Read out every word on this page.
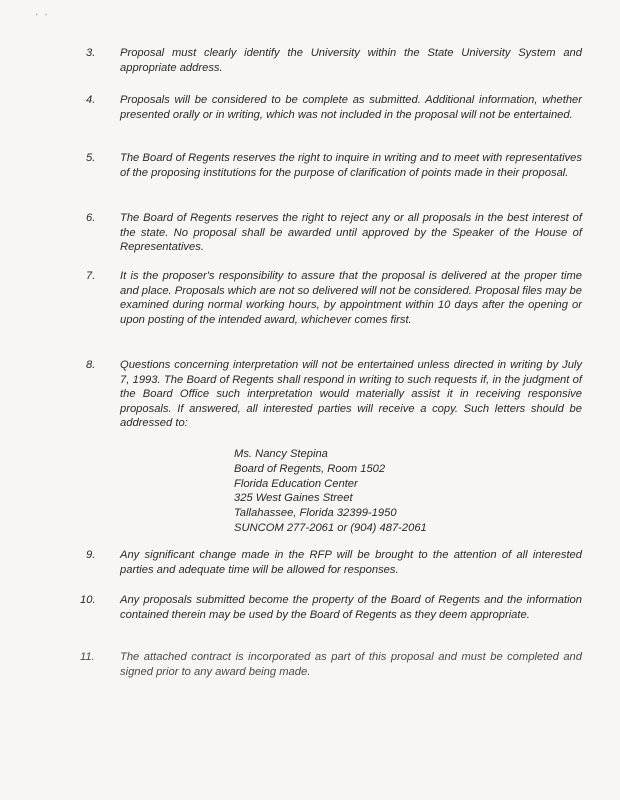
'   '
3.	Proposal must clearly identify the University within the State University System and appropriate address.
4.	Proposals will be considered to be complete as submitted. Additional information, whether presented orally or in writing, which was not included in the proposal will not be entertained.
5.	The Board of Regents reserves the right to inquire in writing and to meet with representatives of the proposing institutions for the purpose of clarification of points made in their proposal.
6.	The Board of Regents reserves the right to reject any or all proposals in the best interest of the state. No proposal shall be awarded until approved by the Speaker of the House of Representatives.
7.	It is the proposer's responsibility to assure that the proposal is delivered at the proper time and place. Proposals which are not so delivered will not be considered. Proposal files may be examined during normal working hours, by appointment within 10 days after the opening or upon posting of the intended award, whichever comes first.
8.	Questions concerning interpretation will not be entertained unless directed in writing by July 7, 1993. The Board of Regents shall respond in writing to such requests if, in the judgment of the Board Office such interpretation would materially assist it in receiving responsive proposals. If answered, all interested parties will receive a copy. Such letters should be addressed to:
Ms. Nancy Stepina
Board of Regents, Room 1502
Florida Education Center
325 West Gaines Street
Tallahassee, Florida 32399-1950
SUNCOM 277-2061 or (904) 487-2061
9.	Any significant change made in the RFP will be brought to the attention of all interested parties and adequate time will be allowed for responses.
10.	Any proposals submitted become the property of the Board of Regents and the information contained therein may be used by the Board of Regents as they deem appropriate.
11.	The attached contract is incorporated as part of this proposal and must be completed and signed prior to any award being made.
